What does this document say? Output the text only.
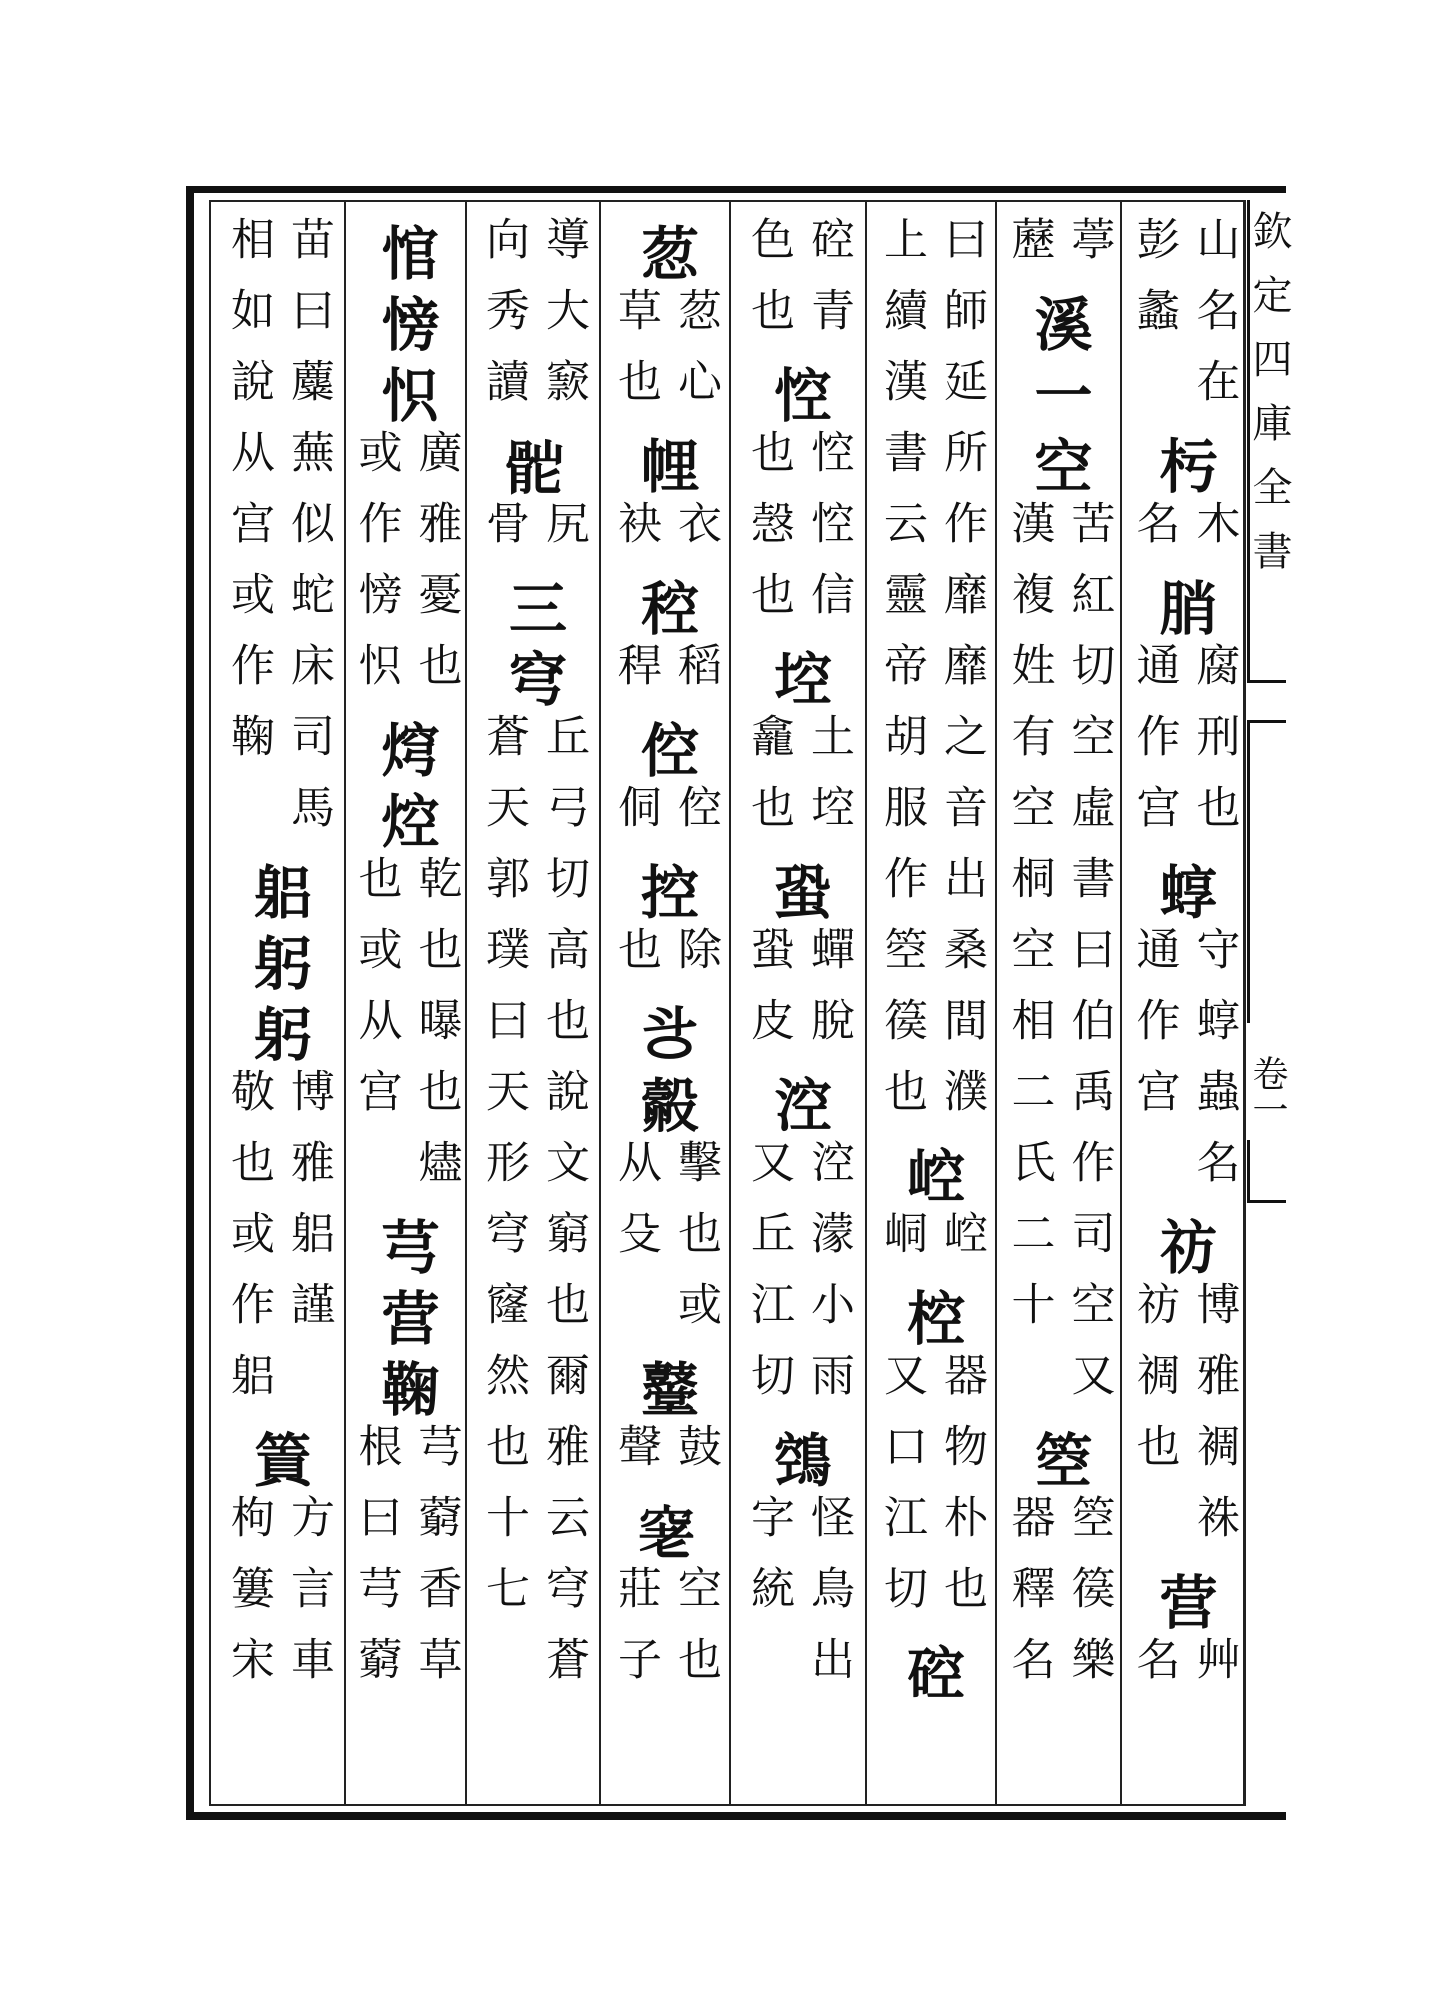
欽定四庫全書
卷一
山名在
彭蠡
杇
木
名
䏴
腐刑也
通作宫
蜳
守蜳蟲名
通作宫
祊
博雅裯袾
祊禂也
营
艸
名
葶
藶
溪
一
空
苦紅切空虛書曰伯禹作司空又
漢複姓有空桐空相二氏二十
箜
箜篌樂
器釋名
曰師延所作靡靡之音出桑間濮
上續漢書云靈帝胡服作箜篌也
崆
崆
峒
椌
器物朴也
又口江切
硿
硿青
色也
悾
悾悾信
也愨也
埪
土埪
龕也
蛩
蟬脫
蛩皮
涳
涳濛小雨
又丘江切
鵼
怪鳥出
字統
䓤
䓤心
草也
𢃇
衣
袂
䅝
稻
稈
倥
倥
侗
控
除
也
㪳
㲉
擊也或
从殳
鼞
鼓
聲
𥥧
空也
莊子
導大窾
向秀讀
𩨷
尻
骨
三
穹
丘弓切高也說文窮也爾雅云穹蒼
蒼天郭璞曰天形穹窿然也十七
悺
㥬
怾
廣雅憂也
或作㥬怾
焪
焢
乾也曝也燼
也或从宫
芎
营
鞠
芎藭香草
根曰芎藭
苗曰蘪蕪似蛇床司馬
相如說从宫或作鞠
躳
躬
躬
博雅躳謹
敬也或作躳
篢
方言車
枸簍宋
